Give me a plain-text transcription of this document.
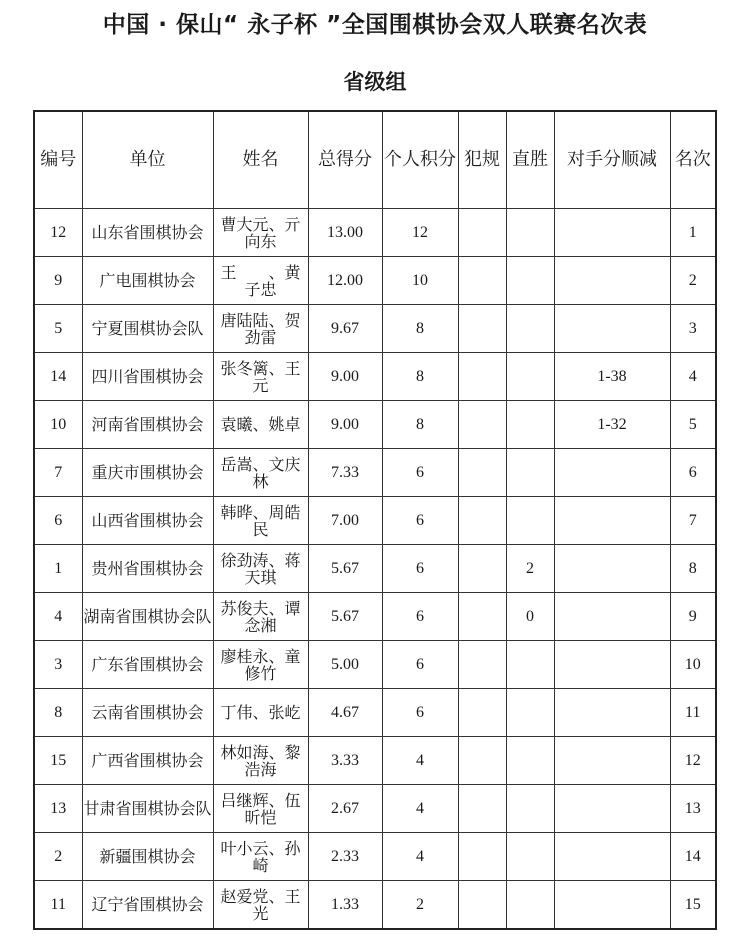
中国 · 保山“ 永子杯 ”全国围棋协会双人联赛名次表
省级组
编号	单位	姓名	总得分	个人积分	犯规	直胜	对手分顺减	名次
12	山东省围棋协会	曹大元、亓向东	13.00	12				1
9	广电围棋协会	王　　、黄子忠	12.00	10				2
5	宁夏围棋协会队	唐陆陆、贺劲雷	9.67	8				3
14	四川省围棋协会	张冬篱、王元	9.00	8			1-38	4
10	河南省围棋协会	袁曦、姚卓	9.00	8			1-32	5
7	重庆市围棋协会	岳嵩、文庆林	7.33	6				6
6	山西省围棋协会	韩晔、周皓民	7.00	6				7
1	贵州省围棋协会	徐劲涛、蒋天琪	5.67	6		2		8
4	湖南省围棋协会队	苏俊夫、谭念湘	5.67	6		0		9
3	广东省围棋协会	廖桂永、童修竹	5.00	6				10
8	云南省围棋协会	丁伟、张屹	4.67	6				11
15	广西省围棋协会	林如海、黎浩海	3.33	4				12
13	甘肃省围棋协会队	吕继辉、伍昕恺	2.67	4				13
2	新疆围棋协会	叶小云、孙崎	2.33	4				14
11	辽宁省围棋协会	赵爱党、王光	1.33	2				15
